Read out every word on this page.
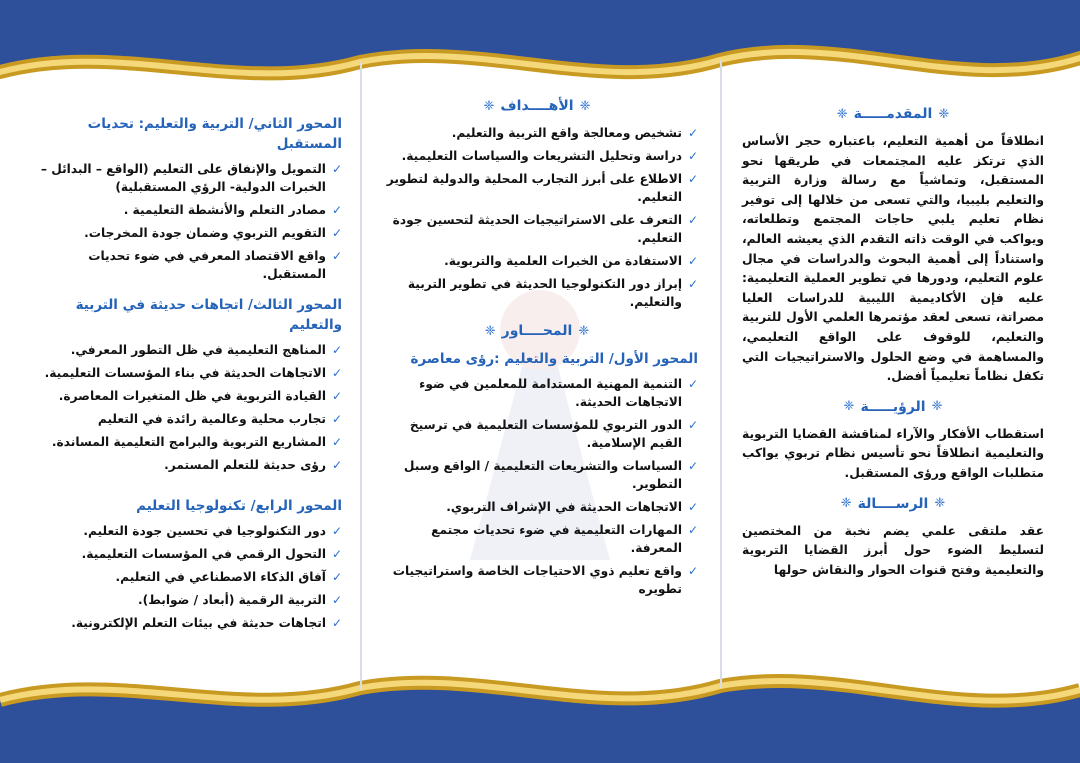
المحور الثاني/ التربية والتعليم: تحديات المستقبل
✓
التمويل والإنفاق على التعليم (الواقع – البدائل – الخبرات الدولية- الرؤي المستقبلية)
✓
مصادر التعلم والأنشطة التعليمية .
✓
التقويم التربوي وضمان جودة المخرجات.
✓
واقع الاقتصاد المعرفي في ضوء تحديات المستقبل.
المحور الثالث/ اتجاهات حديثة في التربية والتعليم
✓
المناهج التعليمية في ظل التطور المعرفي.
✓
الاتجاهات الحديثة في بناء المؤسسات التعليمية.
✓
القيادة التربوية في ظل المتغيرات المعاصرة.
✓
تجارب محلية وعالمية رائدة في التعليم
✓
المشاريع التربوية والبرامج التعليمية المساندة.
✓
رؤى حديثة للتعلم المستمر.
المحور الرابع/ تكنولوجيا التعليم
✓
دور التكنولوجيا في تحسين جودة التعليم.
✓
التحول الرقمي في المؤسسات التعليمية.
✓
آفاق الذكاء الاصطناعي في التعليم.
✓
التربية الرقمية (أبعاد / ضوابط).
✓
اتجاهات حديثة في بيئات التعلم الإلكترونية.
❈
الأهــــداف
❈
✓
تشخيص ومعالجة واقع التربية والتعليم.
✓
دراسة وتحليل التشريعات والسياسات التعليمية.
✓
الاطلاع على أبرز التجارب المحلية والدولية لتطوير التعليم.
✓
التعرف على الاستراتيجيات الحديثة لتحسين جودة التعليم.
✓
الاستفادة من الخبرات العلمية والتربوية.
✓
إبراز دور التكنولوجيا الحديثة في تطوير التربية والتعليم.
❈
المحــــاور
❈
المحور الأول/ التربية والتعليم :رؤى معاصرة
✓
التنمية المهنية المستدامة للمعلمين في ضوء الاتجاهات الحديثة.
✓
الدور التربوي للمؤسسات التعليمية في ترسيخ القيم الإسلامية.
✓
السياسات والتشريعات التعليمية / الواقع وسبل التطوير.
✓
الاتجاهات الحديثة في الإشراف التربوي.
✓
المهارات التعليمية في ضوء تحديات مجتمع المعرفة.
✓
واقع تعليم ذوي الاحتياجات الخاصة واستراتيجيات تطويره
❈
المقدمـــــة
❈

انطلاقاً من أهمية التعليم، باعتباره حجر الأساس الذي ترتكز عليه المجتمعات في طريقها نحو المستقبل، وتماشياً مع رسالة وزارة التربية والتعليم بليبيا، والتي تسعى من خلالها إلى توفير نظام تعليم يلبي حاجات المجتمع وتطلعاته، ويواكب في الوقت ذاته التقدم الذي يعيشه العالم، واستناداً إلى أهمية البحوث والدراسات في مجال علوم التعليم، ودورها في تطوير العملية التعليمية: عليه فإن الأكاديمية الليبية للدراسات العليا مصراتة، تسعى لعقد مؤتمرها العلمي الأول للتربية والتعليم، للوقوف على الواقع التعليمي، والمساهمة في وضع الحلول والاستراتيجيات التي تكفل نظاماً تعليمياً أفضل.

❈
الرؤيـــــة
❈

استقطاب الأفكار والآراء لمناقشة القضايا التربوية والتعليمية انطلاقاً نحو تأسيس نظام تربوي يواكب متطلبات الواقع ورؤى المستقبل.

❈
الرســــالة
❈

عقد ملتقى علمي يضم نخبة من المختصين لتسليط الضوء حول أبرز القضايا التربوية والتعليمية وفتح قنوات الحوار والنقاش حولها
